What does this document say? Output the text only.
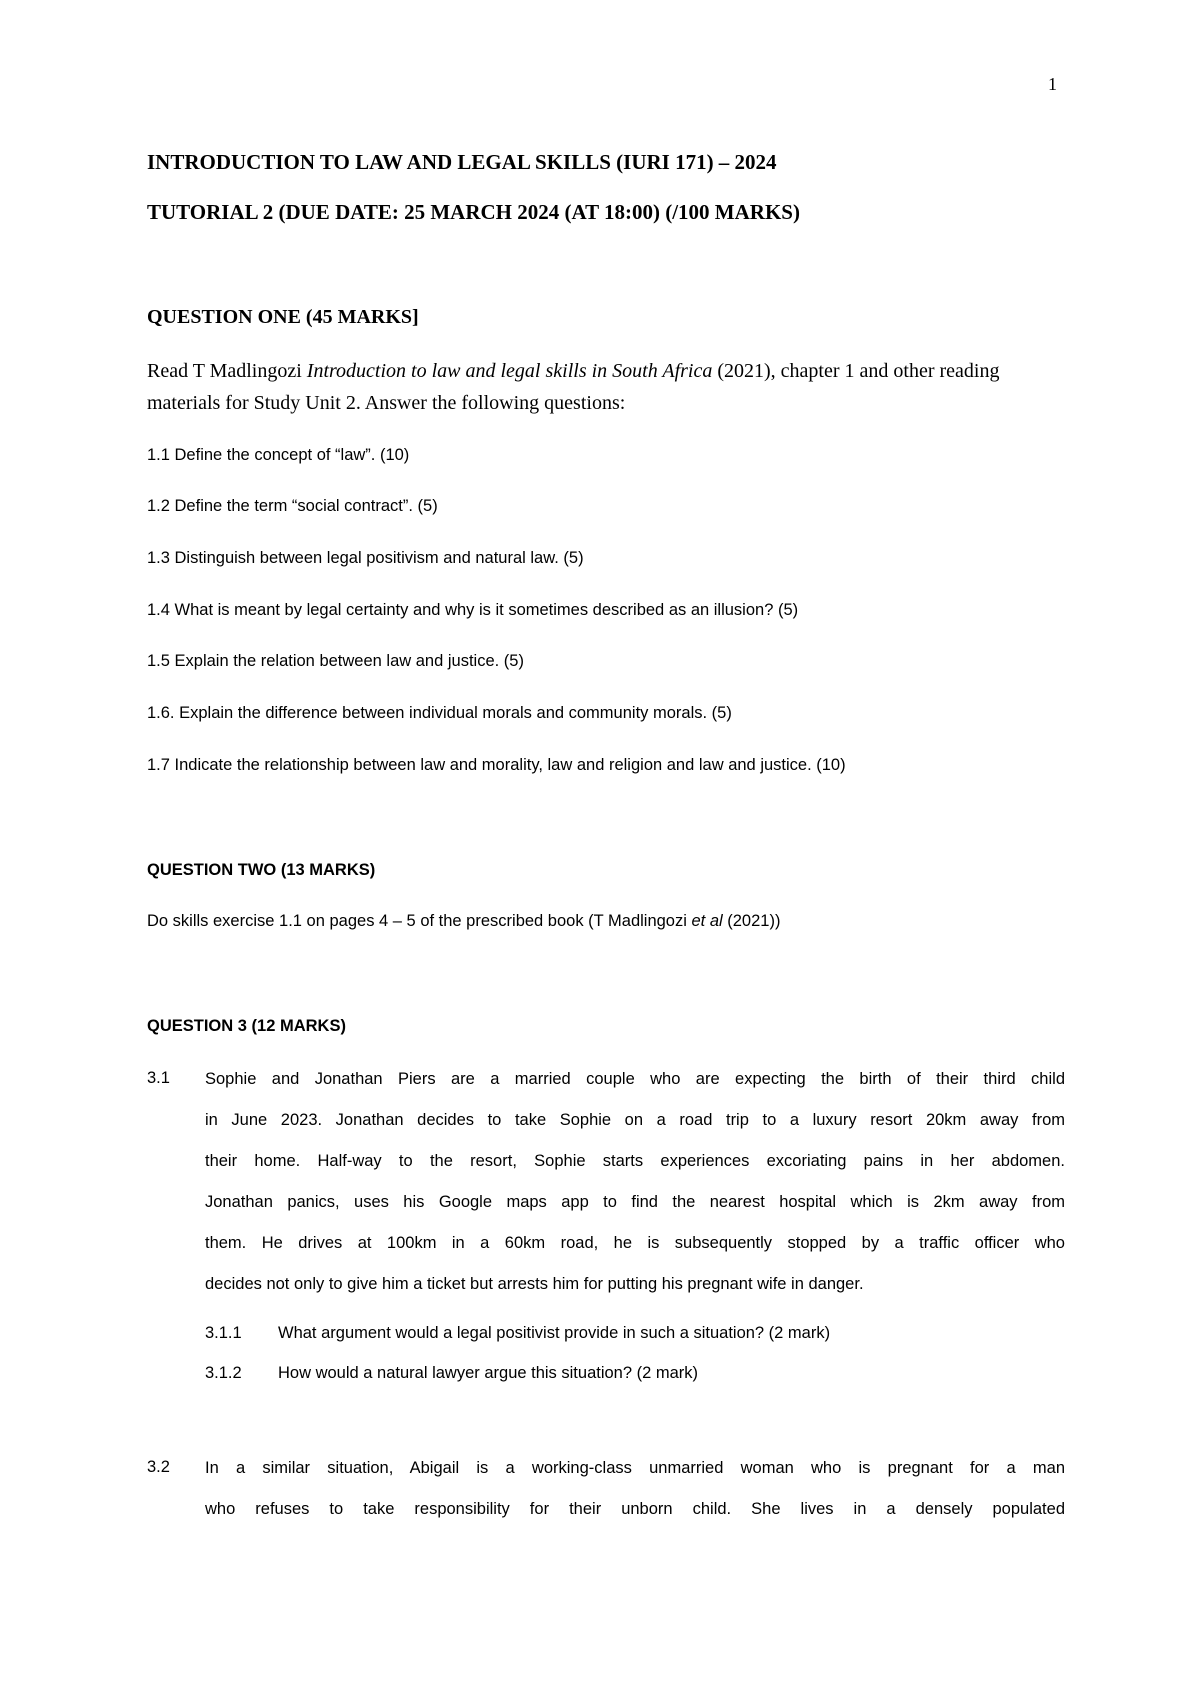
1
INTRODUCTION TO LAW AND LEGAL SKILLS (IURI 171) – 2024
TUTORIAL 2 (DUE DATE: 25 MARCH 2024 (AT 18:00) (/100 MARKS)
QUESTION ONE (45 MARKS]
Read T Madlingozi Introduction to law and legal skills in South Africa (2021), chapter 1 and other reading materials for Study Unit 2. Answer the following questions:
1.1 Define the concept of “law”. (10)
1.2 Define the term “social contract”. (5)
1.3 Distinguish between legal positivism and natural law. (5)
1.4 What is meant by legal certainty and why is it sometimes described as an illusion? (5)
1.5 Explain the relation between law and justice. (5)
1.6. Explain the difference between individual morals and community morals. (5)
1.7 Indicate the relationship between law and morality, law and religion and law and justice. (10)
QUESTION TWO (13 MARKS)
Do skills exercise 1.1 on pages 4 – 5 of the prescribed book (T Madlingozi et al (2021))
QUESTION 3 (12 MARKS)
3.1 Sophie and Jonathan Piers are a married couple who are expecting the birth of their third child
in June 2023. Jonathan decides to take Sophie on a road trip to a luxury resort 20km away from
their home. Half-way to the resort, Sophie starts experiences excoriating pains in her abdomen.
Jonathan panics, uses his Google maps app to find the nearest hospital which is 2km away from
them. He drives at 100km in a 60km road, he is subsequently stopped by a traffic officer who
decides not only to give him a ticket but arrests him for putting his pregnant wife in danger.
3.1.1 What argument would a legal positivist provide in such a situation? (2 mark)
3.1.2 How would a natural lawyer argue this situation? (2 mark)
3.2 In a similar situation, Abigail is a working-class unmarried woman who is pregnant for a man
who refuses to take responsibility for their unborn child. She lives in a densely populated
